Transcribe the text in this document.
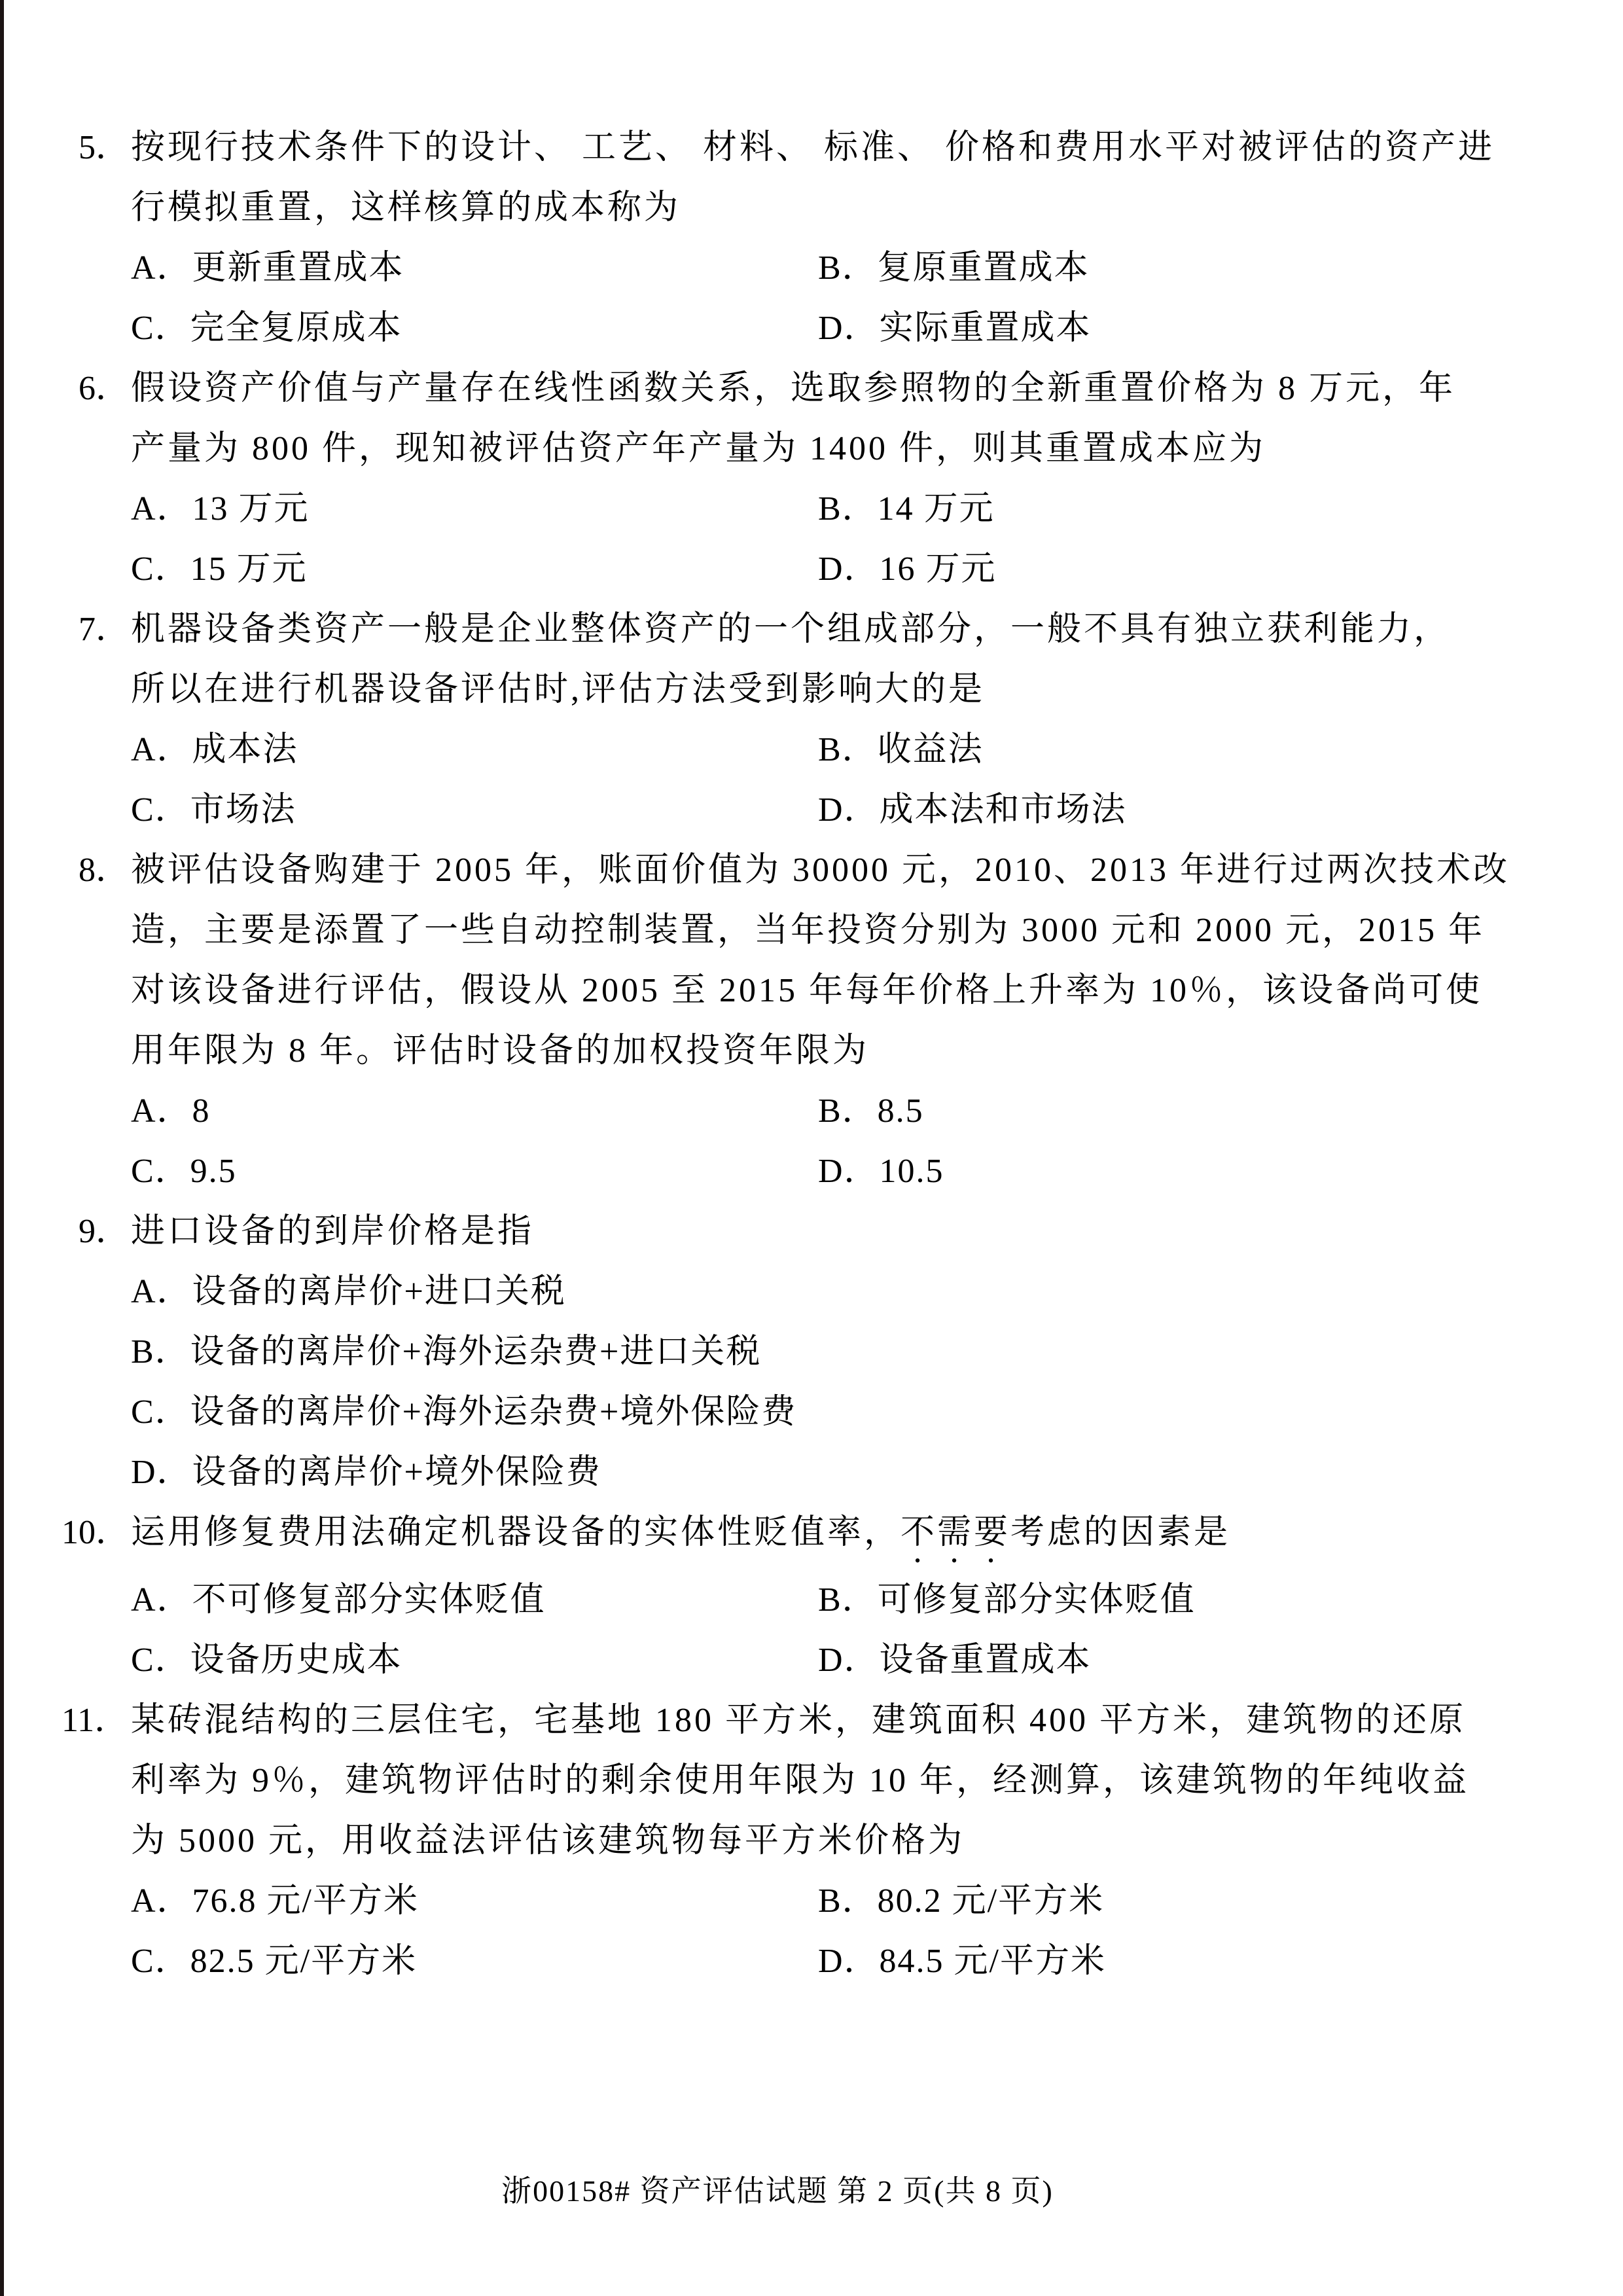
5．按现行技术条件下的设计、 工艺、 材料、 标准、 价格和费用水平对被评估的资产进
行模拟重置，这样核算的成本称为
A．更新重置成本	B．复原重置成本
C．完全复原成本	D．实际重置成本
6．假设资产价值与产量存在线性函数关系，选取参照物的全新重置价格为 8 万元，年
产量为 800 件，现知被评估资产年产量为 1400 件，则其重置成本应为
A．13 万元	B．14 万元
C．15 万元	D．16 万元
7．机器设备类资产一般是企业整体资产的一个组成部分，一般不具有独立获利能力，
所以在进行机器设备评估时,评估方法受到影响大的是
A．成本法	B．收益法
C．市场法	D．成本法和市场法
8．被评估设备购建于 2005 年，账面价值为 30000 元，2010、2013 年进行过两次技术改
造，主要是添置了一些自动控制装置，当年投资分别为 3000 元和 2000 元，2015 年
对该设备进行评估，假设从 2005 至 2015 年每年价格上升率为 10％，该设备尚可使
用年限为 8 年。评估时设备的加权投资年限为
A．8	B．8.5
C．9.5	D．10.5
9．进口设备的到岸价格是指
A．设备的离岸价+进口关税
B．设备的离岸价+海外运杂费+进口关税
C．设备的离岸价+海外运杂费+境外保险费
D．设备的离岸价+境外保险费
10．运用修复费用法确定机器设备的实体性贬值率，不需要考虑的因素是
A．不可修复部分实体贬值	B．可修复部分实体贬值
C．设备历史成本	D．设备重置成本
11．某砖混结构的三层住宅，宅基地 180 平方米，建筑面积 400 平方米，建筑物的还原
利率为 9％，建筑物评估时的剩余使用年限为 10 年，经测算，该建筑物的年纯收益
为 5000 元，用收益法评估该建筑物每平方米价格为
A．76.8 元/平方米	B．80.2 元/平方米
C．82.5 元/平方米	D．84.5 元/平方米
浙00158# 资产评估试题 第 2 页(共 8 页)
